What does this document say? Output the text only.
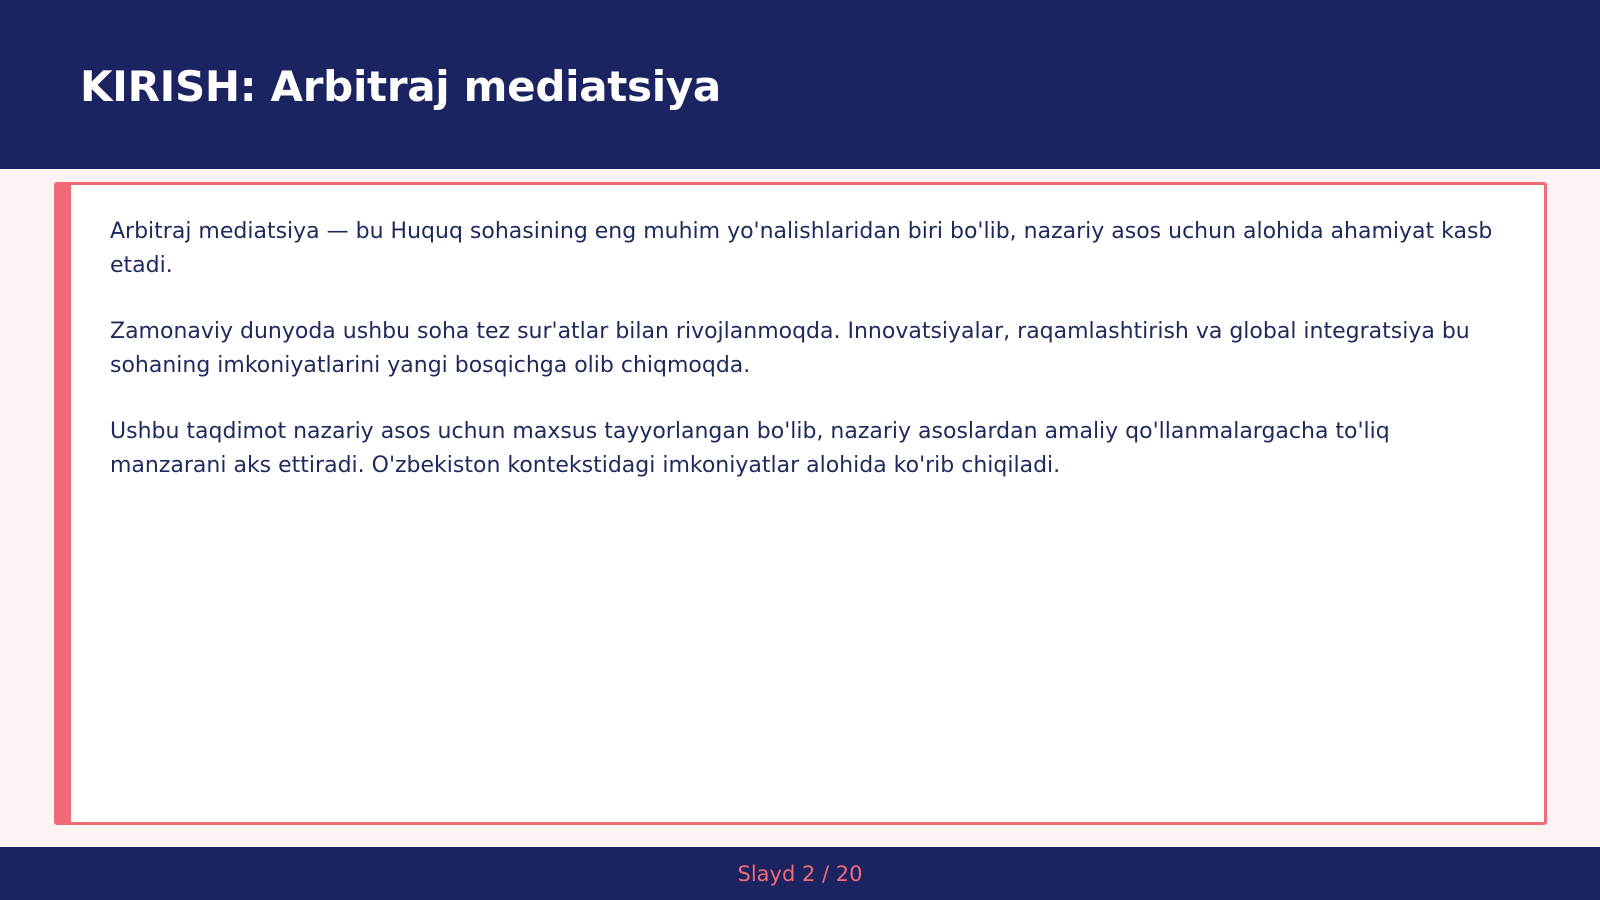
KIRISH: Arbitraj mediatsiya

Arbitraj mediatsiya — bu Huquq sohasining eng muhim yo'nalishlaridan biri bo'lib, nazariy asos uchun alohida ahamiyat kasb etadi.

Zamonaviy dunyoda ushbu soha tez sur'atlar bilan rivojlanmoqda. Innovatsiyalar, raqamlashtirish va global integratsiya bu sohaning imkoniyatlarini yangi bosqichga olib chiqmoqda.

Ushbu taqdimot nazariy asos uchun maxsus tayyorlangan bo'lib, nazariy asoslardan amaliy qo'llanmalargacha to'liq manzarani aks ettiradi. O'zbekiston kontekstidagi imkoniyatlar alohida ko'rib chiqiladi.

Slayd 2 / 20
